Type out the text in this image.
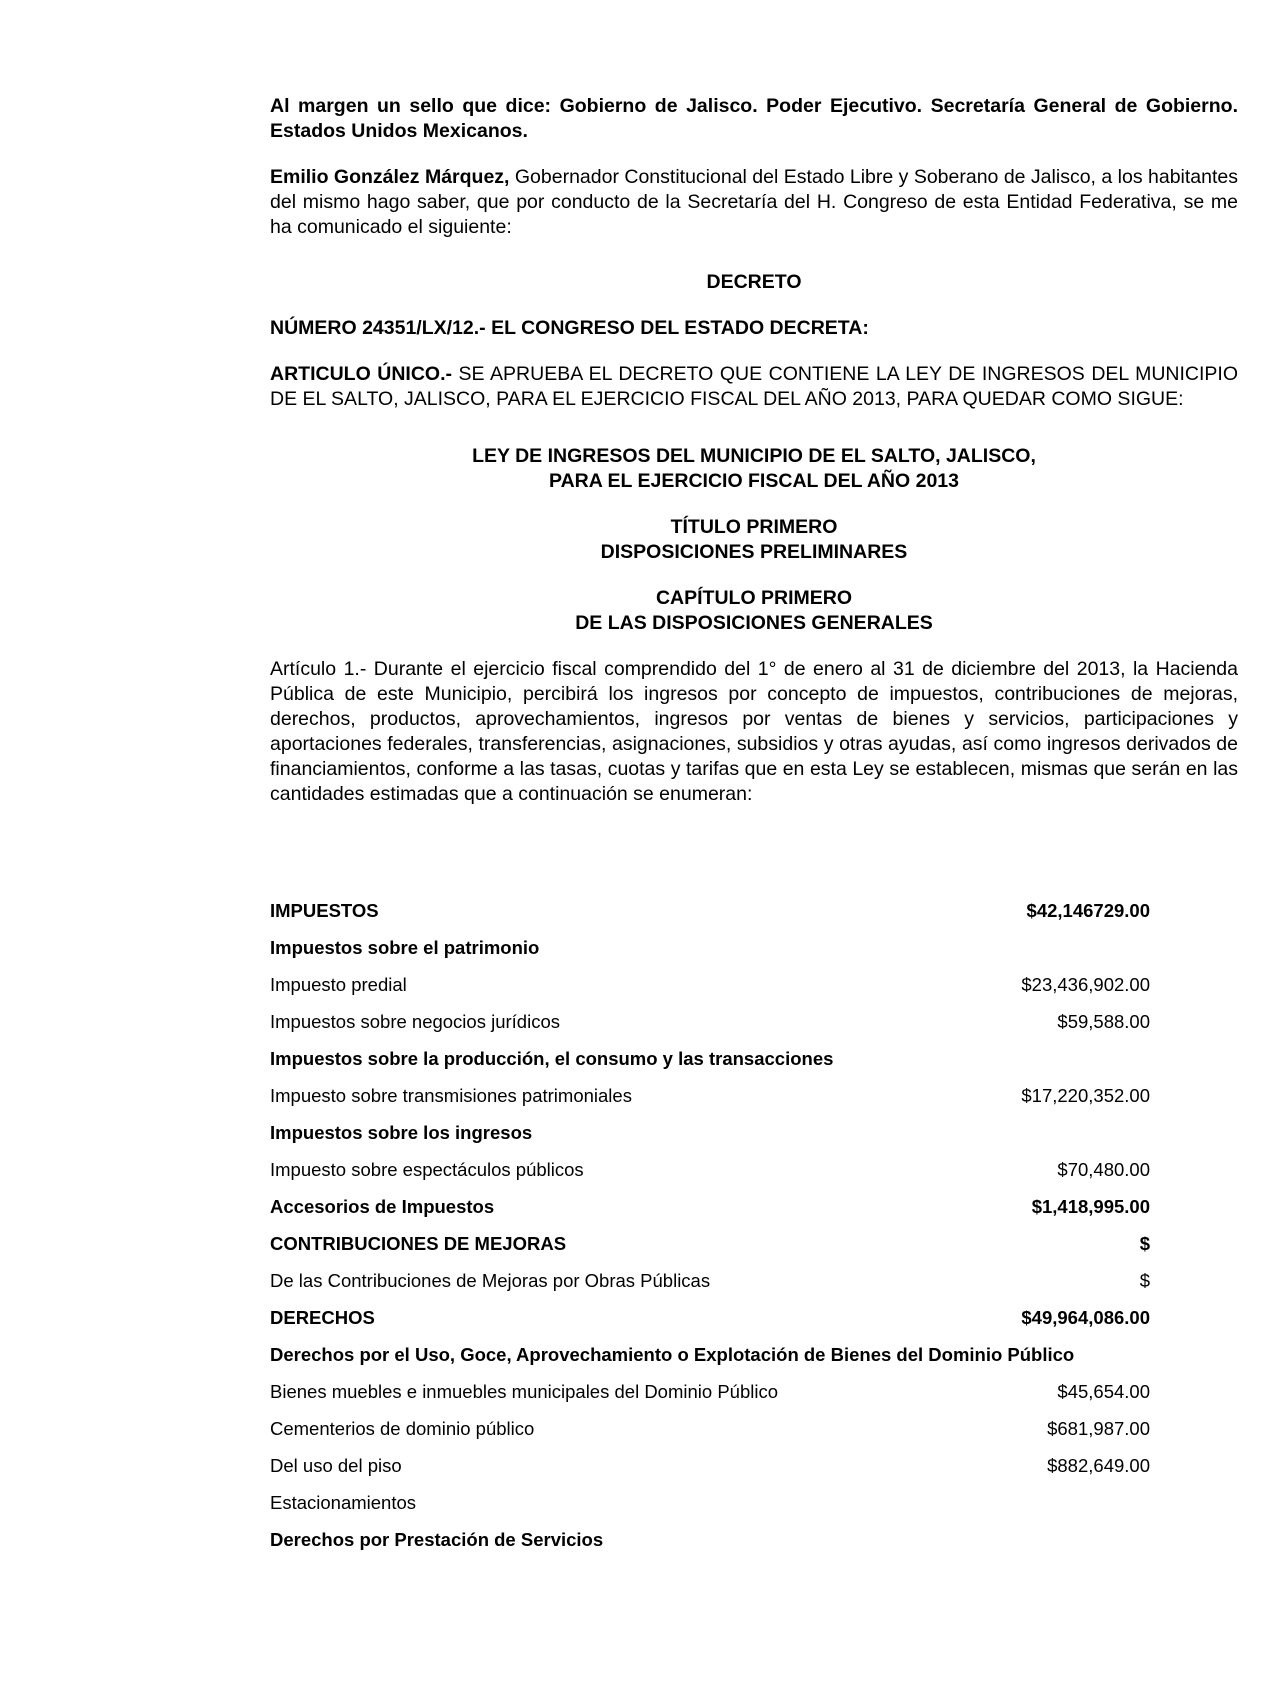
Al margen un sello que dice: Gobierno de Jalisco. Poder Ejecutivo. Secretaría General de Gobierno. Estados Unidos Mexicanos.

Emilio González Márquez, Gobernador Constitucional del Estado Libre y Soberano de Jalisco, a los habitantes del mismo hago saber, que por conducto de la Secretaría del H. Congreso de esta Entidad Federativa, se me ha comunicado el siguiente:

DECRETO

NÚMERO 24351/LX/12.- EL CONGRESO DEL ESTADO DECRETA:

ARTICULO ÚNICO.- SE APRUEBA EL DECRETO QUE CONTIENE LA LEY DE INGRESOS DEL MUNICIPIO DE EL SALTO, JALISCO, PARA EL EJERCICIO FISCAL DEL AÑO 2013, PARA QUEDAR COMO SIGUE:

LEY DE INGRESOS DEL MUNICIPIO DE EL SALTO, JALISCO,

PARA EL EJERCICIO FISCAL DEL AÑO 2013

TÍTULO PRIMERO

DISPOSICIONES PRELIMINARES

CAPÍTULO PRIMERO

DE LAS DISPOSICIONES GENERALES

Artículo 1.- Durante el ejercicio fiscal comprendido del 1° de enero al 31 de diciembre del 2013, la Hacienda Pública de este Municipio, percibirá los ingresos por concepto de impuestos, contribuciones de mejoras, derechos, productos, aprovechamientos, ingresos por ventas de bienes y servicios, participaciones y aportaciones federales, transferencias, asignaciones, subsidios y otras ayudas, así como ingresos derivados de financiamientos, conforme a las tasas, cuotas y tarifas que en esta Ley se establecen, mismas que serán en las cantidades estimadas que a continuación se enumeran:

IMPUESTOS	$42,146729.00
Impuestos sobre el patrimonio
Impuesto predial	$23,436,902.00
Impuestos sobre negocios jurídicos	$59,588.00
Impuestos sobre la producción, el consumo y las transacciones
Impuesto sobre transmisiones patrimoniales	$17,220,352.00
Impuestos sobre los ingresos
Impuesto sobre espectáculos públicos	$70,480.00
Accesorios de Impuestos	$1,418,995.00
CONTRIBUCIONES DE MEJORAS	$
De las Contribuciones de Mejoras por Obras Públicas	$
DERECHOS	$49,964,086.00
Derechos por el Uso, Goce, Aprovechamiento o Explotación de Bienes del Dominio Público
Bienes muebles e inmuebles municipales del Dominio Público	$45,654.00
Cementerios de dominio público	$681,987.00
Del uso del piso	$882,649.00
Estacionamientos
Derechos por Prestación de Servicios
